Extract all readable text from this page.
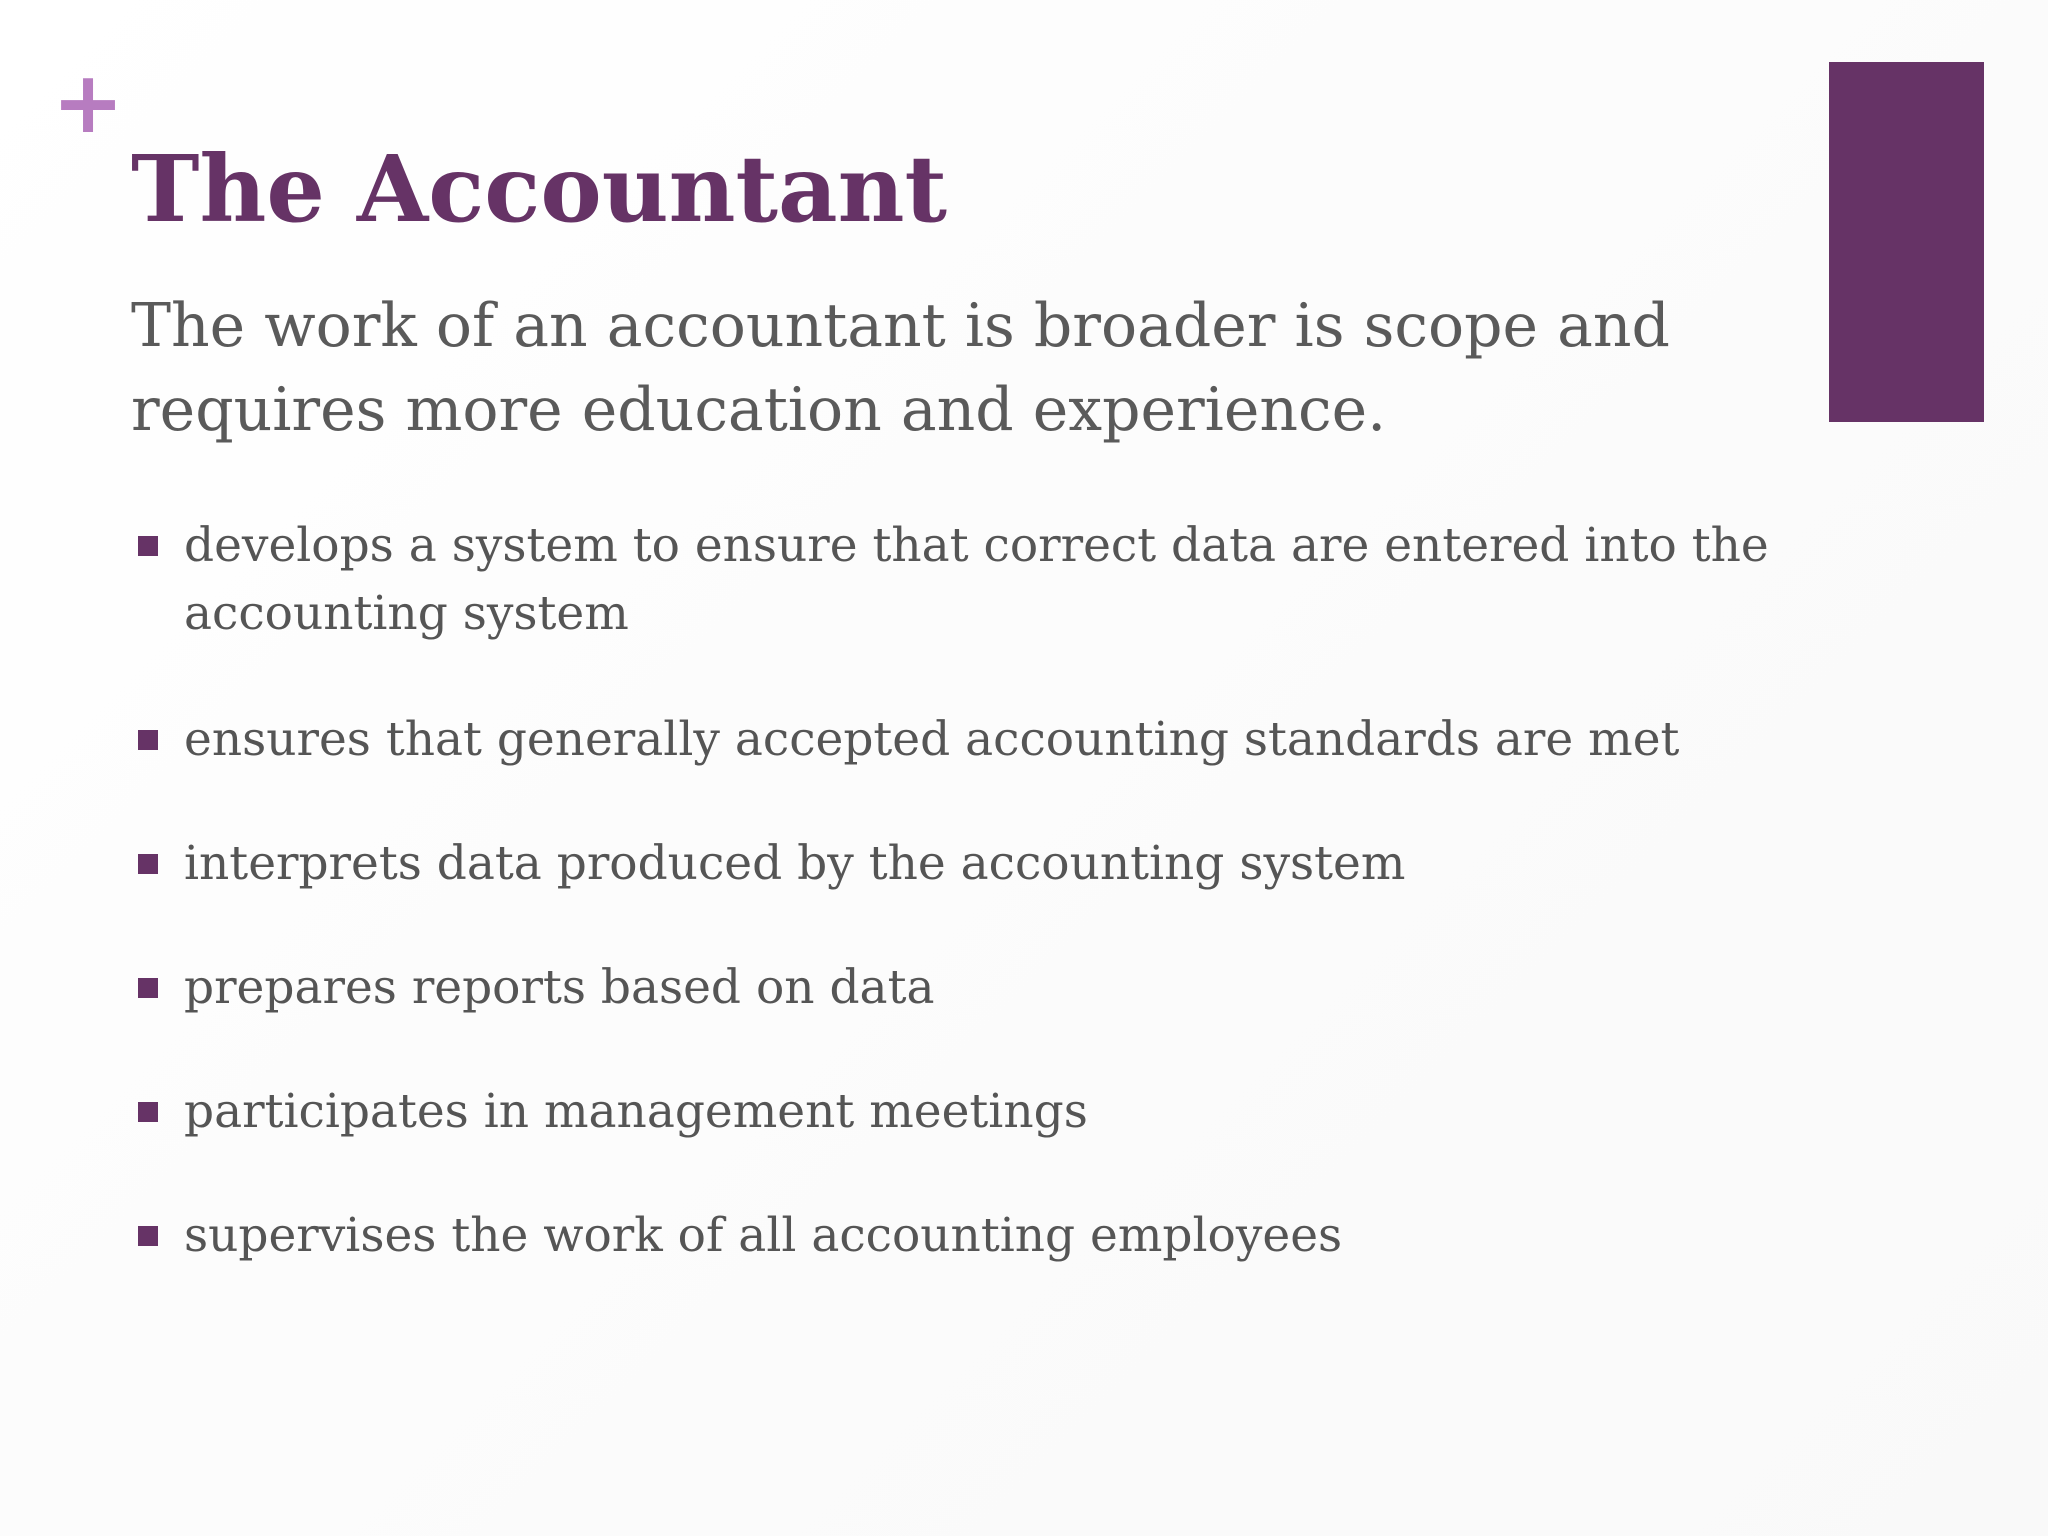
+
The Accountant

The work of an accountant is broader is scope and requires more education and experience.

develops a system to ensure that correct data are entered into the accounting system
ensures that generally accepted accounting standards are met
interprets data produced by the accounting system
prepares reports based on data
participates in management meetings
supervises the work of all accounting employees
